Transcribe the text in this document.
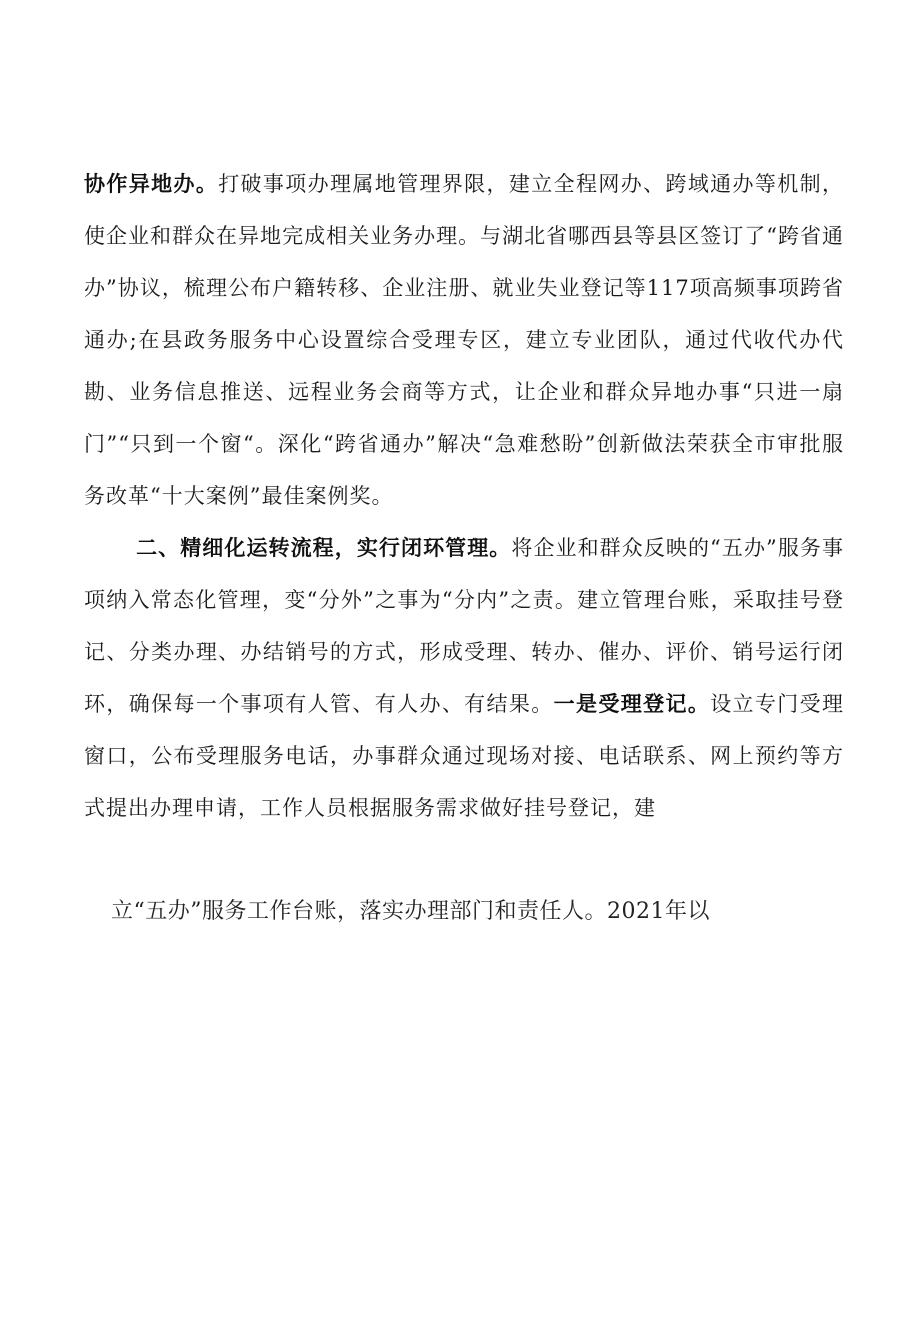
协作异地办。打破事项办理属地管理界限，建立全程网办、跨域通办等机制，使企业和群众在异地完成相关业务办理。与湖北省哪西县等县区签订了“跨省通办”协议，梳理公布户籍转移、企业注册、就业失业登记等117项高频事项跨省通办;在县政务服务中心设置综合受理专区，建立专业团队，通过代收代办代勘、业务信息推送、远程业务会商等方式，让企业和群众异地办事“只进一扇门”“只到一个窗“。深化“跨省通办”解决“急难愁盼”创新做法荣获全市审批服务改革“十大案例”最佳案例奖。
二、精细化运转流程，实行闭环管理。将企业和群众反映的“五办”服务事项纳入常态化管理，变“分外”之事为“分内”之责。建立管理台账，采取挂号登记、分类办理、办结销号的方式，形成受理、转办、催办、评价、销号运行闭环，确保每一个事项有人管、有人办、有结果。一是受理登记。设立专门受理窗口，公布受理服务电话，办事群众通过现场对接、电话联系、网上预约等方式提出办理申请，工作人员根据服务需求做好挂号登记，建
立“五办”服务工作台账，落实办理部门和责任人。2021年以
